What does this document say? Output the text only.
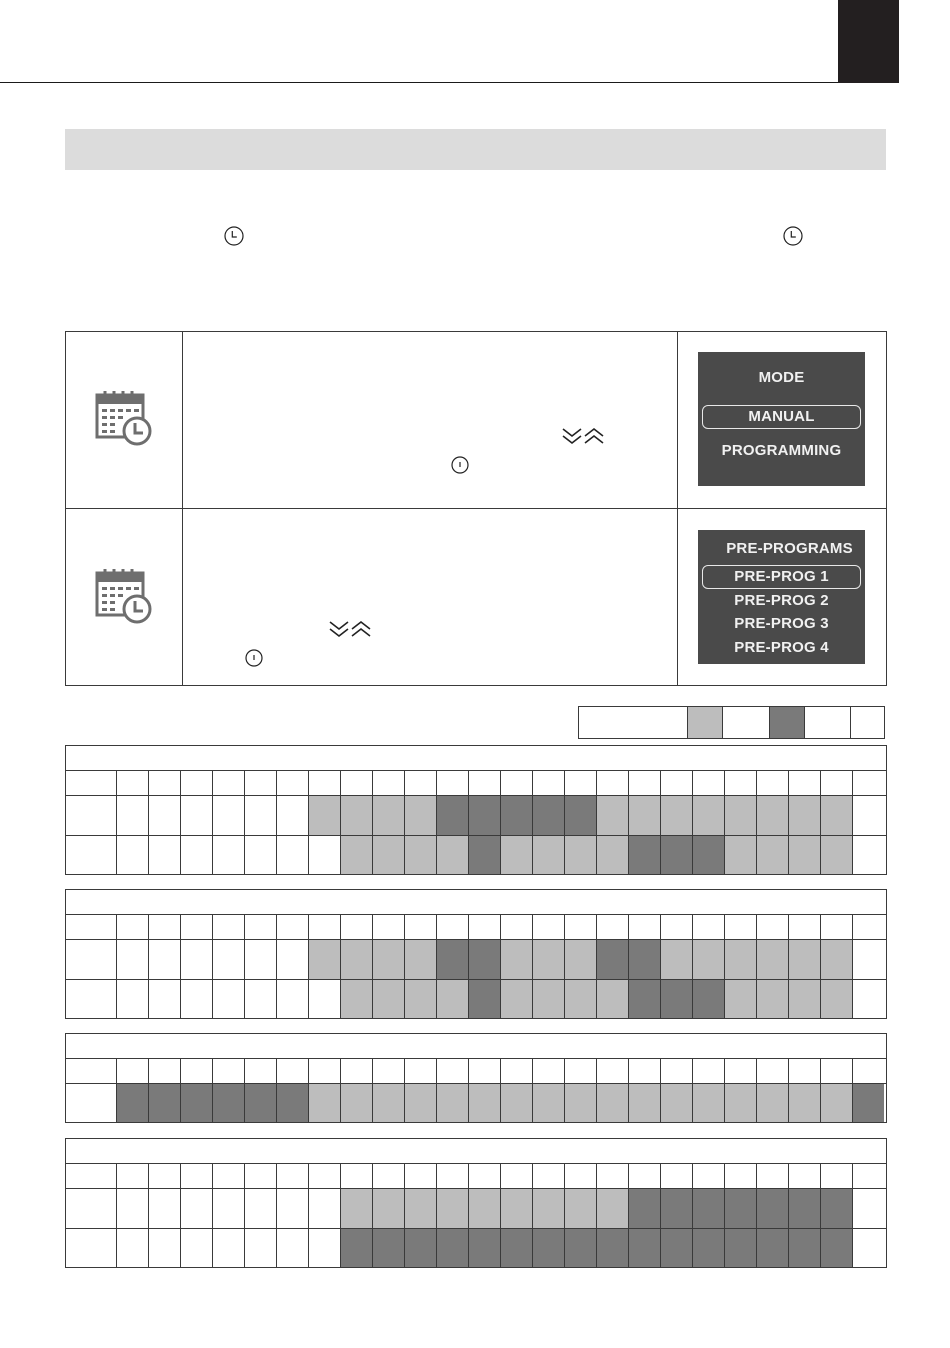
MODE
MANUAL
PROGRAMMING
PRE-PROGRAMS
PRE-PROG 1
PRE-PROG 2
PRE-PROG 3
PRE-PROG 4
